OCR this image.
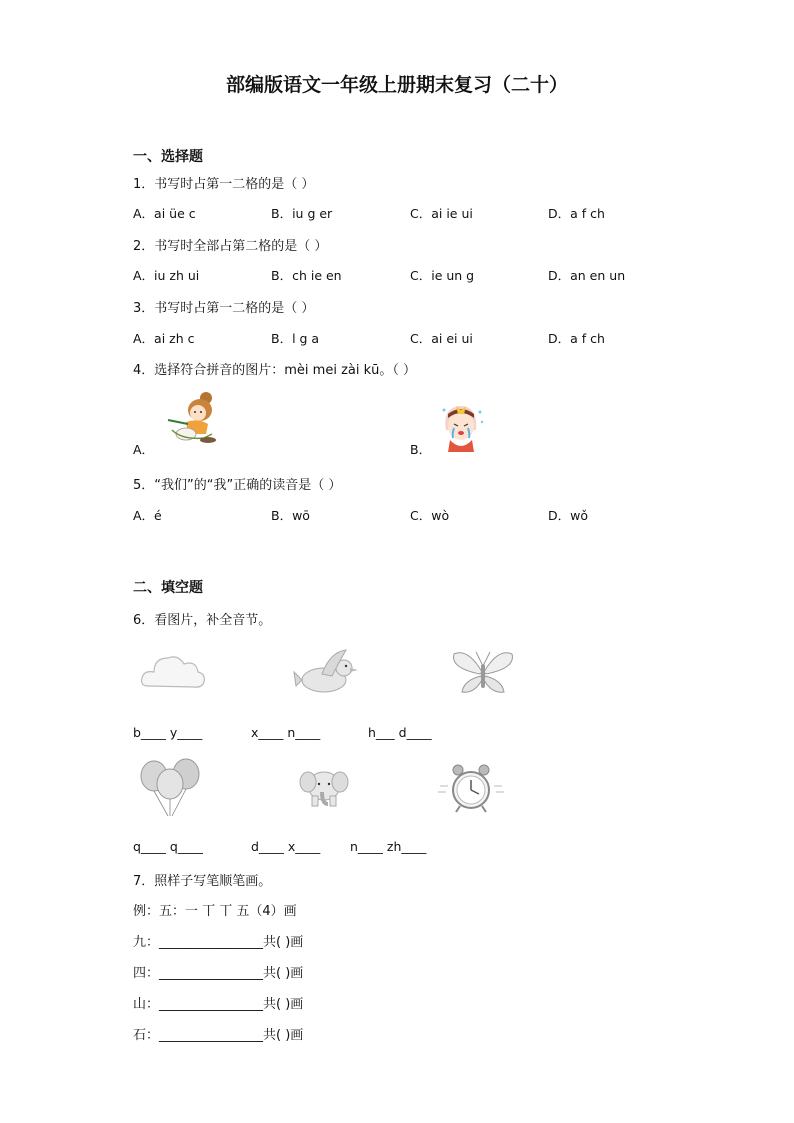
部编版语文一年级上册期末复习（二十）
一、选择题
1．书写时占第一二格的是（ ）
A．ai üe c	B．iu g er	C．ai ie ui	D．a f ch
2．书写时全部占第二格的是（ ）
A．iu zh ui	B．ch ie en	C．ie un g	D．an en un
3．书写时占第一二格的是（ ）
A．ai zh c	B．l g a	C．ai ei ui	D．a f ch
4．选择符合拼音的图片：mèi mei zài kū。（ ）
A．	B．
5．“我们”的“我”正确的读音是（ ）
A．é	B．wō	C．wò	D．wǒ
二、填空题
6．看图片，补全音节。
b____ y____	x____ n____	h___ d____
q____ q____	d____ x____ n____ zh____
7．照样子写笔顺笔画。
例：五：一 丅 丅 五（4）画
九：________________共( )画
四：________________共( )画
山：________________共( )画
石：________________共( )画
